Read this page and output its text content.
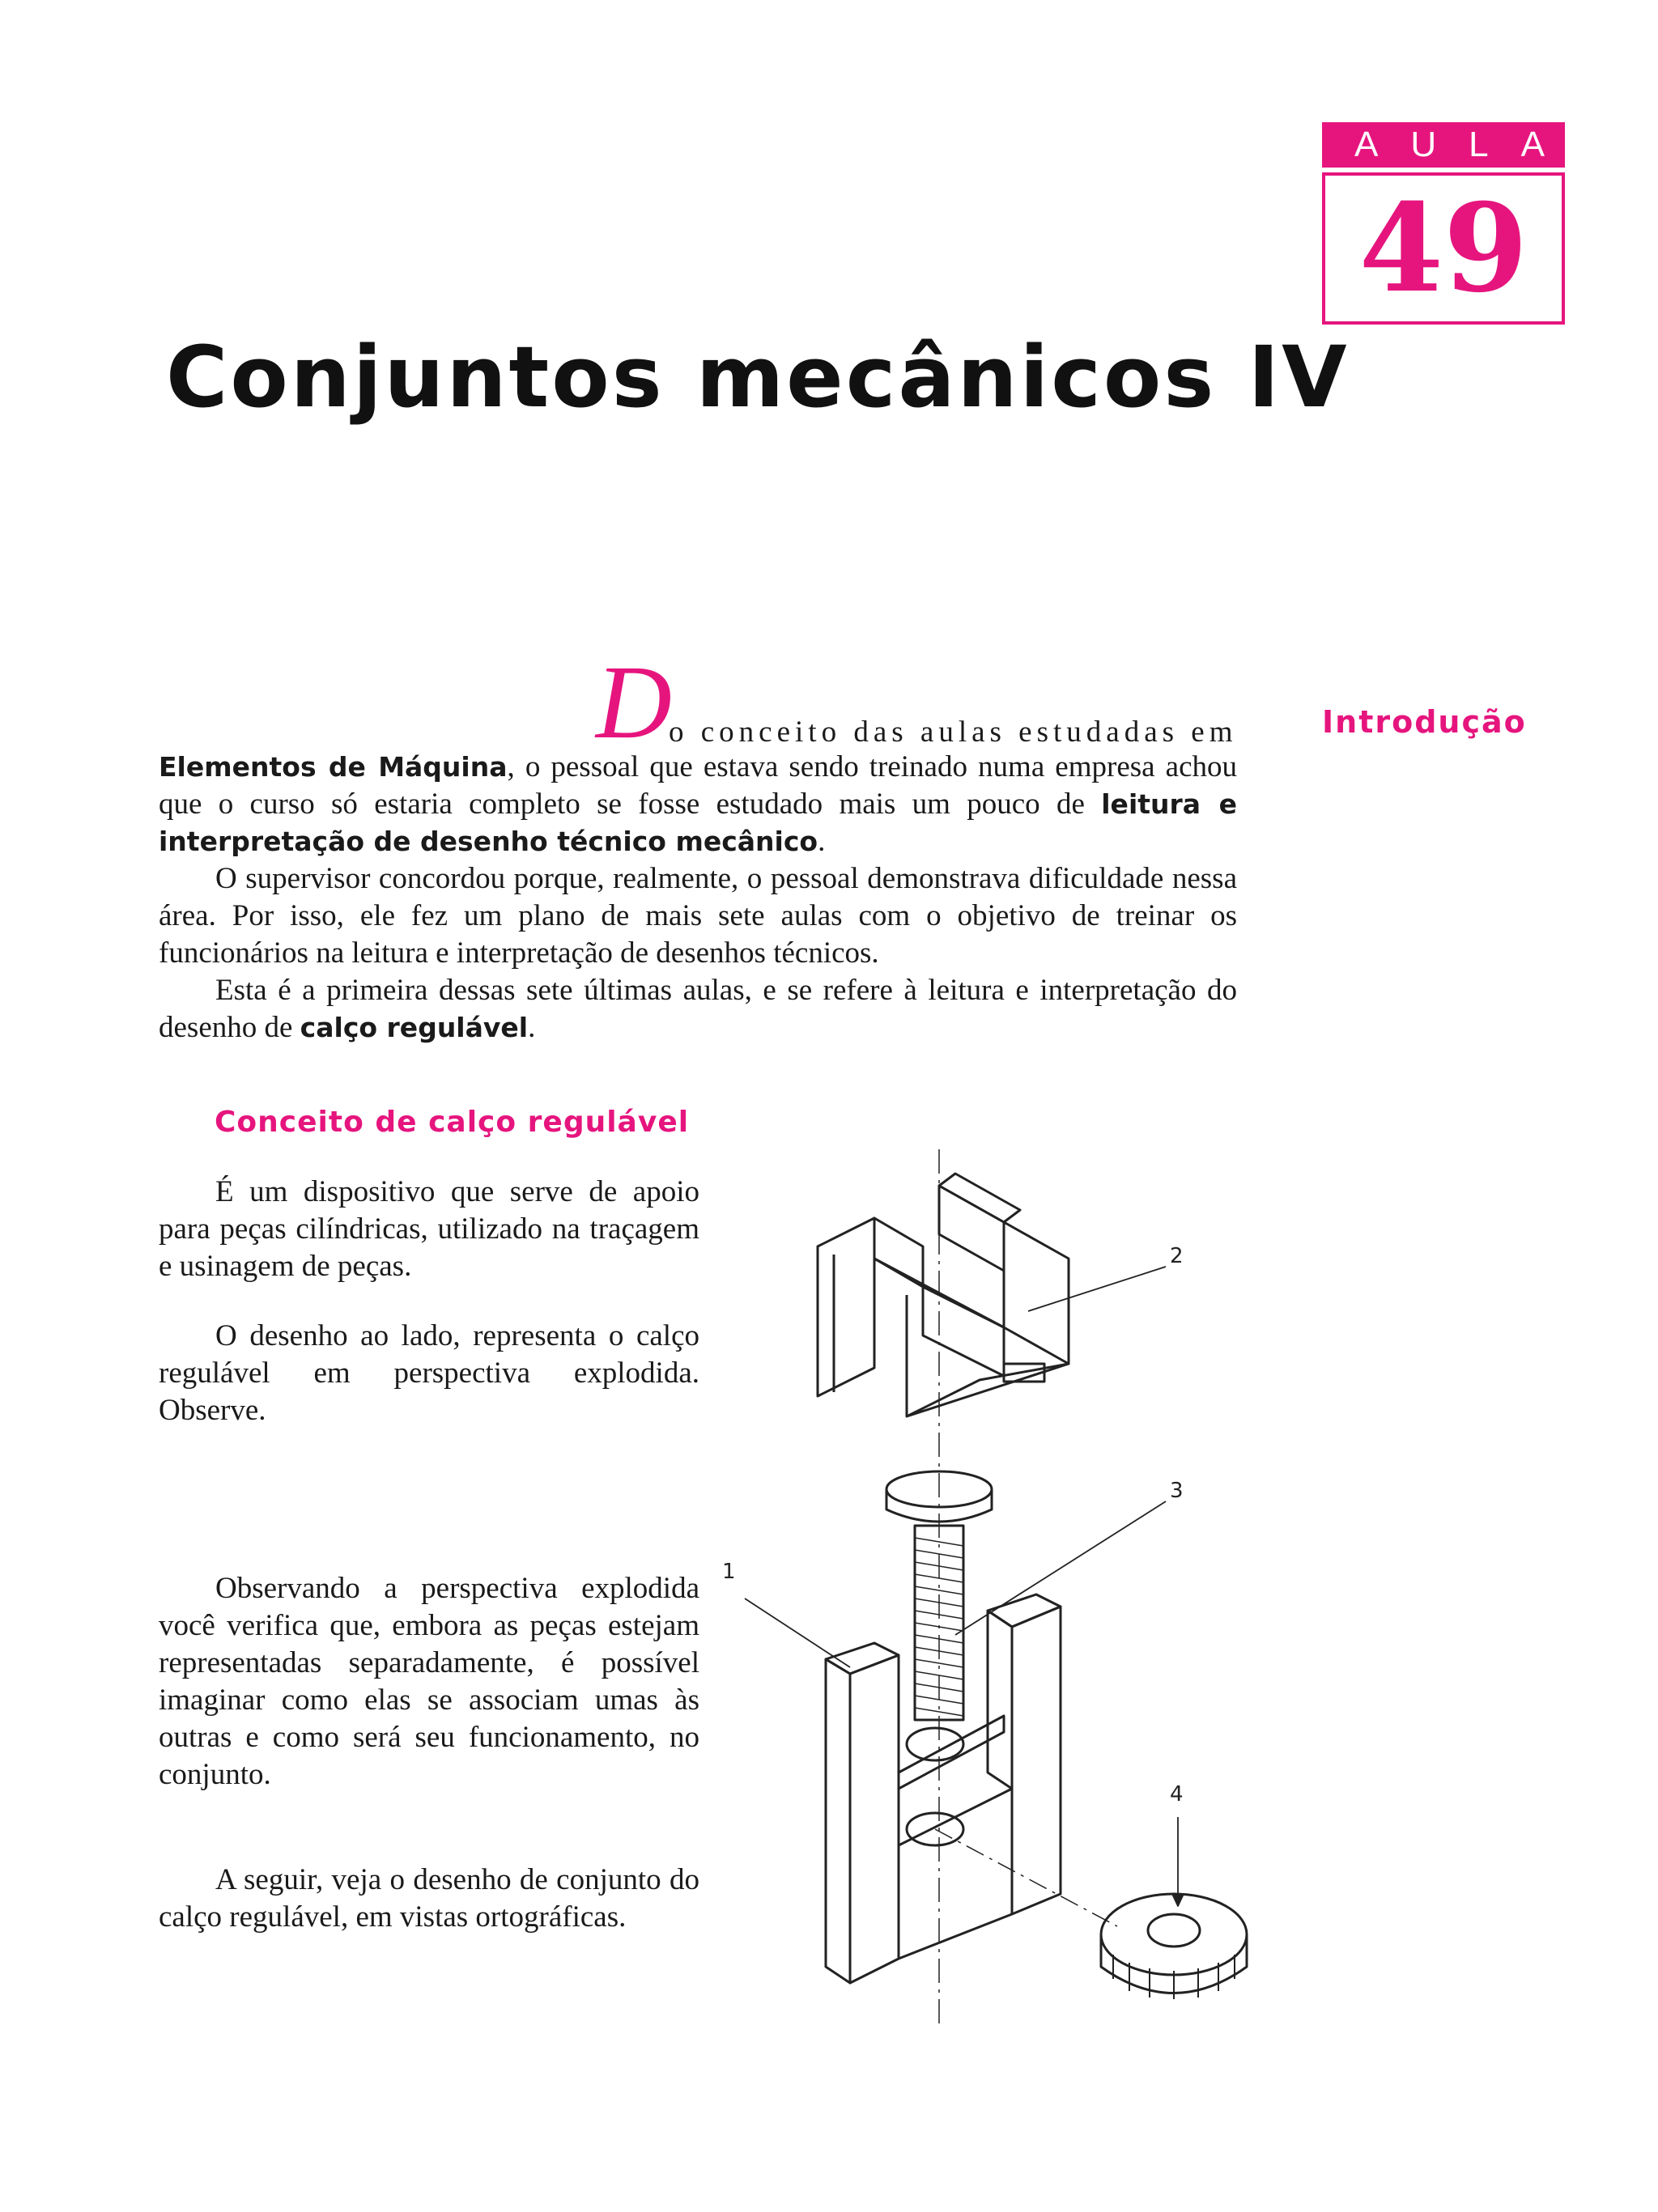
AULA
49
Conjuntos mecânicos IV
Introdução
D
o conceito das aulas estudadas em

Elementos de Máquina, o pessoal que estava sendo treinado numa empresa achou que o curso só estaria completo se fosse estudado mais um pouco de leitura e interpretação de desenho técnico mecânico.

O supervisor concordou porque, realmente, o pessoal demonstrava dificuldade nessa área. Por isso, ele fez um plano de mais sete aulas com o objetivo de treinar os funcionários na leitura e interpretação de desenhos técnicos.

Esta é a primeira dessas sete últimas aulas, e se refere à leitura e interpretação do desenho de calço regulável.

Conceito de calço regulável

É um dispositivo que serve de apoio para peças cilíndricas, utilizado na traçagem e usinagem de peças.

O desenho ao lado, representa o calço regulável em perspectiva explodida. Observe.

Observando a perspectiva explodida você verifica que, embora as peças estejam representadas separadamente, é possível imaginar como elas se associam umas às outras e como será seu funcionamento, no conjunto.

A seguir, veja o desenho de conjunto do calço regulável, em vistas ortográficas.

1
2
3
4
